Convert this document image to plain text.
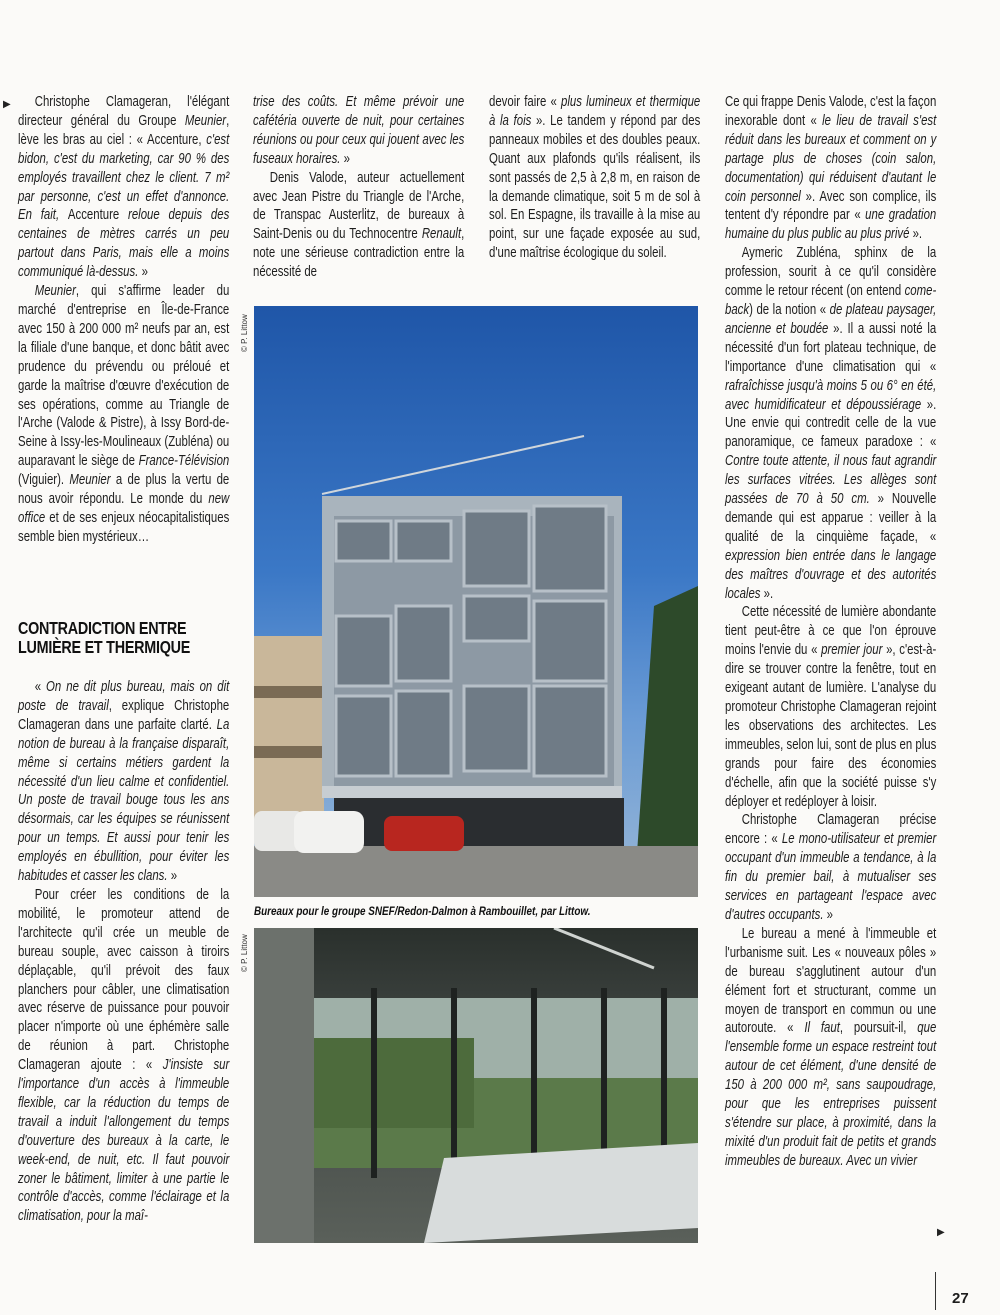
▶	Christophe Clamageran, l'élégant directeur général du Groupe Meunier, lève les bras au ciel : « Accenture, c'est bidon, c'est du marketing, car 90 % des employés travaillent chez le client. 7 m² par personne, c'est un effet d'annonce. En fait, Accenture reloue depuis des centaines de mètres carrés un peu partout dans Paris, mais elle a moins communiqué là-dessus. »

Meunier, qui s'affirme leader du marché d'entreprise en Île-de-France avec 150 à 200 000 m² neufs par an, est la filiale d'une banque, et donc bâtit avec prudence du prévendu ou préloué et garde la maîtrise d'œuvre d'exécution de ses opérations, comme au Triangle de l'Arche (Valode & Pistre), à Issy Bord-de-Seine à Issy-les-Moulineaux (Zubléna) ou auparavant le siège de France-Télévision (Viguier). Meunier a de plus la vertu de nous avoir répondu. Le monde du new office et de ses enjeux néocapitalistiques semble bien mystérieux…

CONTRADICTION ENTRE LUMIÈRE ET THERMIQUE

« On ne dit plus bureau, mais on dit poste de travail, explique Christophe Clamageran dans une parfaite clarté. La notion de bureau à la française disparaît, même si certains métiers gardent la nécessité d'un lieu calme et confidentiel. Un poste de travail bouge tous les ans désormais, car les équipes se réunissent pour un temps. Et aussi pour tenir les employés en ébullition, pour éviter les habitudes et casser les clans. »

Pour créer les conditions de la mobilité, le promoteur attend de l'architecte qu'il crée un meuble de bureau souple, avec caisson à tiroirs déplaçable, qu'il prévoit des faux planchers pour câbler, une climatisation avec réserve de puissance pour pouvoir placer n'importe où une éphémère salle de réunion à part. Christophe Clamageran ajoute : « J'insiste sur l'importance d'un accès à l'immeuble flexible, car la réduction du temps de travail a induit l'allongement du temps d'ouverture des bureaux à la carte, le week-end, de nuit, etc. Il faut pouvoir zoner le bâtiment, limiter à une partie le contrôle d'accès, comme l'éclairage et la climatisation, pour la maî-

trise des coûts. Et même prévoir une cafétéria ouverte de nuit, pour certaines réunions ou pour ceux qui jouent avec les fuseaux horaires. »

Denis Valode, auteur actuellement avec Jean Pistre du Triangle de l'Arche, de Transpac Austerlitz, de bureaux à Saint-Denis ou du Technocentre Renault, note une sérieuse contradiction entre la nécessité de

devoir faire « plus lumineux et thermique à la fois ». Le tandem y répond par des panneaux mobiles et des doubles peaux. Quant aux plafonds qu'ils réalisent, ils sont passés de 2,5 à 2,8 m, en raison de la demande climatique, soit 5 m de sol à sol. En Espagne, ils travaille à la mise au point, sur une façade exposée au sud, d'une maîtrise écologique du soleil.

Ce qui frappe Denis Valode, c'est la façon inexorable dont « le lieu de travail s'est réduit dans les bureaux et comment on y partage plus de choses (coin salon, documentation) qui réduisent d'autant le coin personnel ». Avec son complice, ils tentent d'y répondre par « une gradation humaine du plus public au plus privé ».

Aymeric Zubléna, sphinx de la profession, sourit à ce qu'il considère comme le retour récent (on entend come-back) de la notion « de plateau paysager, ancienne et boudée ». Il a aussi noté la nécessité d'un fort plateau technique, de l'importance d'une climatisation qui « rafraîchisse jusqu'à moins 5 ou 6° en été, avec humidificateur et dépoussiérage ». Une envie qui contredit celle de la vue panoramique, ce fameux paradoxe : « Contre toute attente, il nous faut agrandir les surfaces vitrées. Les allèges sont passées de 70 à 50 cm. » Nouvelle demande qui est apparue : veiller à la qualité de la cinquième façade, « expression bien entrée dans le langage des maîtres d'ouvrage et des autorités locales ».

Cette nécessité de lumière abondante tient peut-être à ce que l'on éprouve moins l'envie du « premier jour », c'est-à-dire se trouver contre la fenêtre, tout en exigeant autant de lumière. L'analyse du promoteur Christophe Clamageran rejoint les observations des architectes. Les immeubles, selon lui, sont de plus en plus grands pour faire des économies d'échelle, afin que la société puisse s'y déployer et redéployer à loisir.

Christophe Clamageran précise encore : « Le mono-utilisateur et premier occupant d'un immeuble a tendance, à la fin du premier bail, à mutualiser ses services en partageant l'espace avec d'autres occupants. »

Le bureau a mené à l'immeuble et l'urbanisme suit. Les « nouveaux pôles » de bureau s'agglutinent autour d'un élément fort et structurant, comme un moyen de transport en commun ou une autoroute. « Il faut, poursuit-il, que l'ensemble forme un espace restreint tout autour de cet élément, d'une densité de 150 à 200 000 m², sans saupoudrage, pour que les entreprises puissent s'étendre sur place, à proximité, dans la mixité d'un produit fait de petits et grands immeubles de bureaux. Avec un vivier

▶
© P. Littow
Bureaux pour le groupe SNEF/Redon-Dalmon à Rambouillet, par Littow.
© P. Littow
27
